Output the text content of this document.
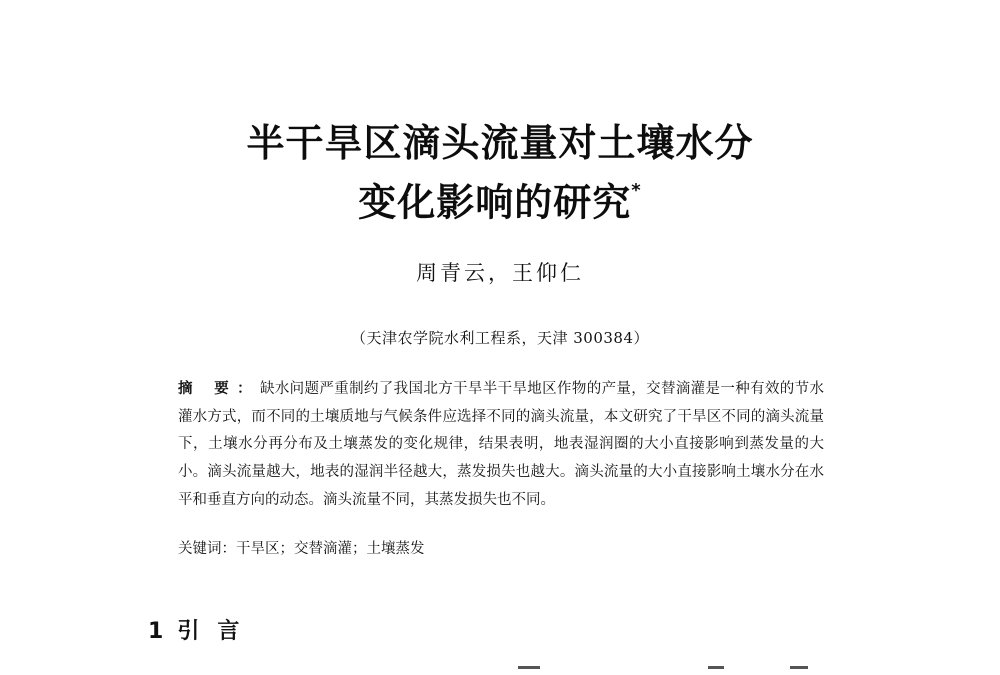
半干旱区滴头流量对土壤水分
变化影响的研究*
周青云，王仰仁
（天津农学院水利工程系，天津 300384）
摘 要：缺水问题严重制约了我国北方干旱半干旱地区作物的产量，交替滴灌是一种有效的节水灌水方式，而不同的土壤质地与气候条件应选择不同的滴头流量，本文研究了干旱区不同的滴头流量下，土壤水分再分布及土壤蒸发的变化规律，结果表明，地表湿润圈的大小直接影响到蒸发量的大小。滴头流量越大，地表的湿润半径越大，蒸发损失也越大。滴头流量的大小直接影响土壤水分在水平和垂直方向的动态。滴头流量不同，其蒸发损失也不同。
关键词：干旱区；交替滴灌；土壤蒸发
1 引言
